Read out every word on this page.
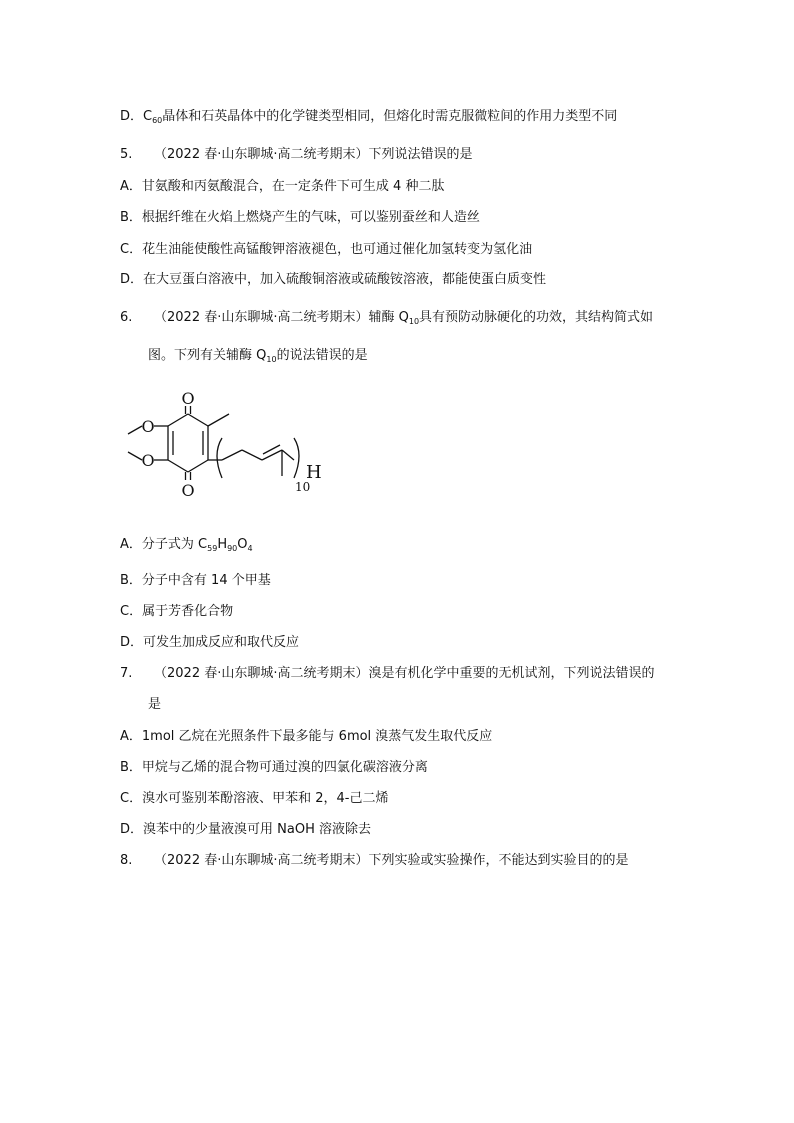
D．$C_{60}$晶体和石英晶体中的化学键类型相同，但熔化时需克服微粒间的作用力类型不同
5. （2022 春·山东聊城·高二统考期末）下列说法错误的是
A．甘氨酸和丙氨酸混合，在一定条件下可生成 4 种二肽
B．根据纤维在火焰上燃烧产生的气味，可以鉴别蚕丝和人造丝
C．花生油能使酸性高锰酸钾溶液褪色，也可通过催化加氢转变为氢化油
D．在大豆蛋白溶液中，加入硫酸铜溶液或硫酸铵溶液，都能使蛋白质变性
6. （2022 春·山东聊城·高二统考期末）辅酶 $Q_{10}$具有预防动脉硬化的功效，其结构简式如
图。下列有关辅酶 $Q_{10}$的说法错误的是
O
O
O
O
H
10
A．分子式为 $C_{59}H_{90}O_4$
B．分子中含有 14 个甲基
C．属于芳香化合物
D．可发生加成反应和取代反应
7. （2022 春·山东聊城·高二统考期末）溴是有机化学中重要的无机试剂，下列说法错误的
是
A．1mol 乙烷在光照条件下最多能与 6mol 溴蒸气发生取代反应
B．甲烷与乙烯的混合物可通过溴的四氯化碳溶液分离
C．溴水可鉴别苯酚溶液、甲苯和 2，4-己二烯
D．溴苯中的少量液溴可用 NaOH 溶液除去
8. （2022 春·山东聊城·高二统考期末）下列实验或实验操作，不能达到实验目的的是
